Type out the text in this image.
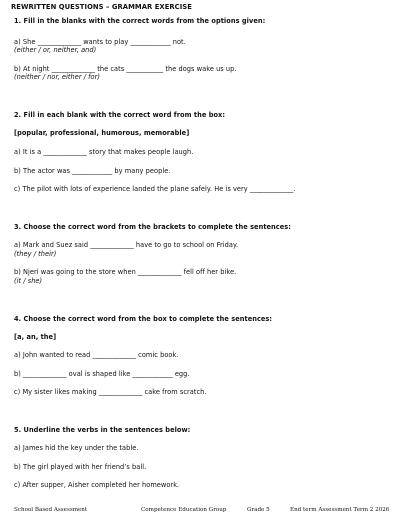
REWRITTEN QUESTIONS – GRAMMAR EXERCISE
1. Fill in the blanks with the correct words from the options given:
a) She _____________ wants to play ____________ not.
(either / or, neither, and)
b) At night _____________ the cats ___________ the dogs wake us up.
(neither / nor, either / for)
2. Fill in each blank with the correct word from the box:
[popular, professional, humorous, memorable]
a) It is a _____________ story that makes people laugh.
b) The actor was ____________ by many people.
c) The pilot with lots of experience landed the plane safely. He is very _____________.
3. Choose the correct word from the brackets to complete the sentences:
a) Mark and Suez said _____________ have to go to school on Friday.
(they / their)
b) Njeri was going to the store when _____________ fell off her bike.
(it / she)
4. Choose the correct word from the box to complete the sentences:
[a, an, the]
a) John wanted to read _____________ comic book.
b) _____________ oval is shaped like ____________ egg.
c) My sister likes making _____________ cake from scratch.
5. Underline the verbs in the sentences below:
a) James hid the key under the table.
b) The girl played with her friend’s ball.
c) After supper, Aisher completed her homework.
School Based Assessment	Competence Education Group	Grade 5	End term Assessment Term 2 2026
